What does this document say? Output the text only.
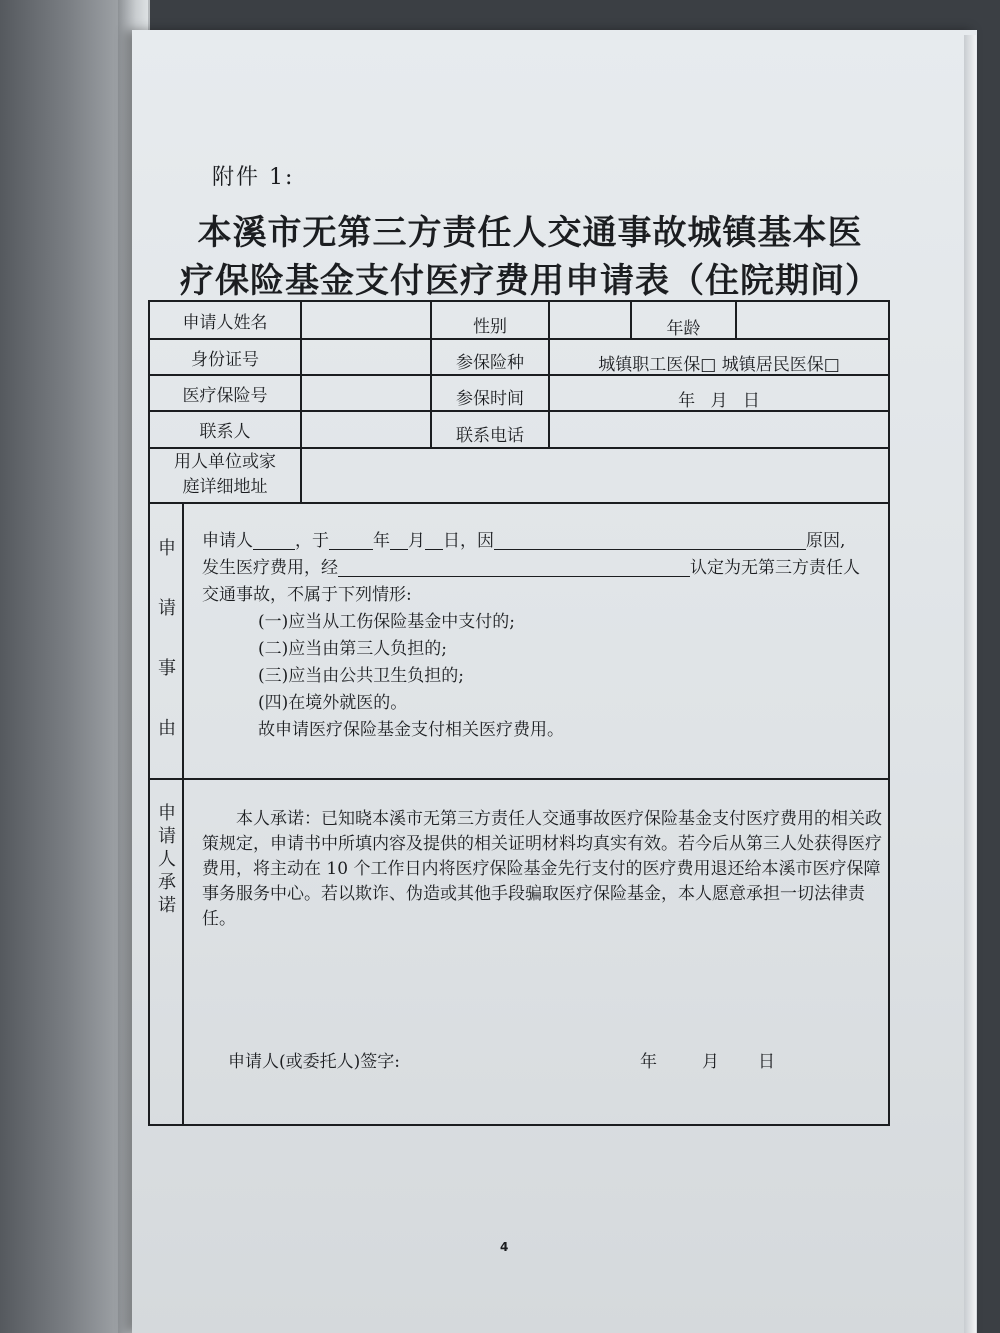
附件 1:
本溪市无第三方责任人交通事故城镇基本医
疗保险基金支付医疗费用申请表（住院期间）
申请人姓名	性别	年龄
身份证号	参保险种	城镇职工医保□ 城镇居民医保□
医疗保险号	参保时间	年 月 日
联系人	联系电话
用人单位或家
庭详细地址
申
请
事
由
申请人 ，于	年 月 日，因	原因,
发生医疗费用，经	认定为无第三方责任人
交通事故，不属于下列情形:
(一)应当从工伤保险基金中支付的;
(二)应当由第三人负担的;
(三)应当由公共卫生负担的;
(四)在境外就医的。
故申请医疗保险基金支付相关医疗费用。
申
请
人
承
诺
本人承诺：已知晓本溪市无第三方责任人交通事故医疗保险基金支付医疗费用的相关政策规定，申请书中所填内容及提供的相关证明材料均真实有效。若今后从第三人处获得医疗费用，将主动在 10 个工作日内将医疗保险基金先行支付的医疗费用退还给本溪市医疗保障事务服务中心。若以欺诈、伪造或其他手段骗取医疗保险基金，本人愿意承担一切法律责任。
申请人(或委托人)签字:	年	月 日
4
